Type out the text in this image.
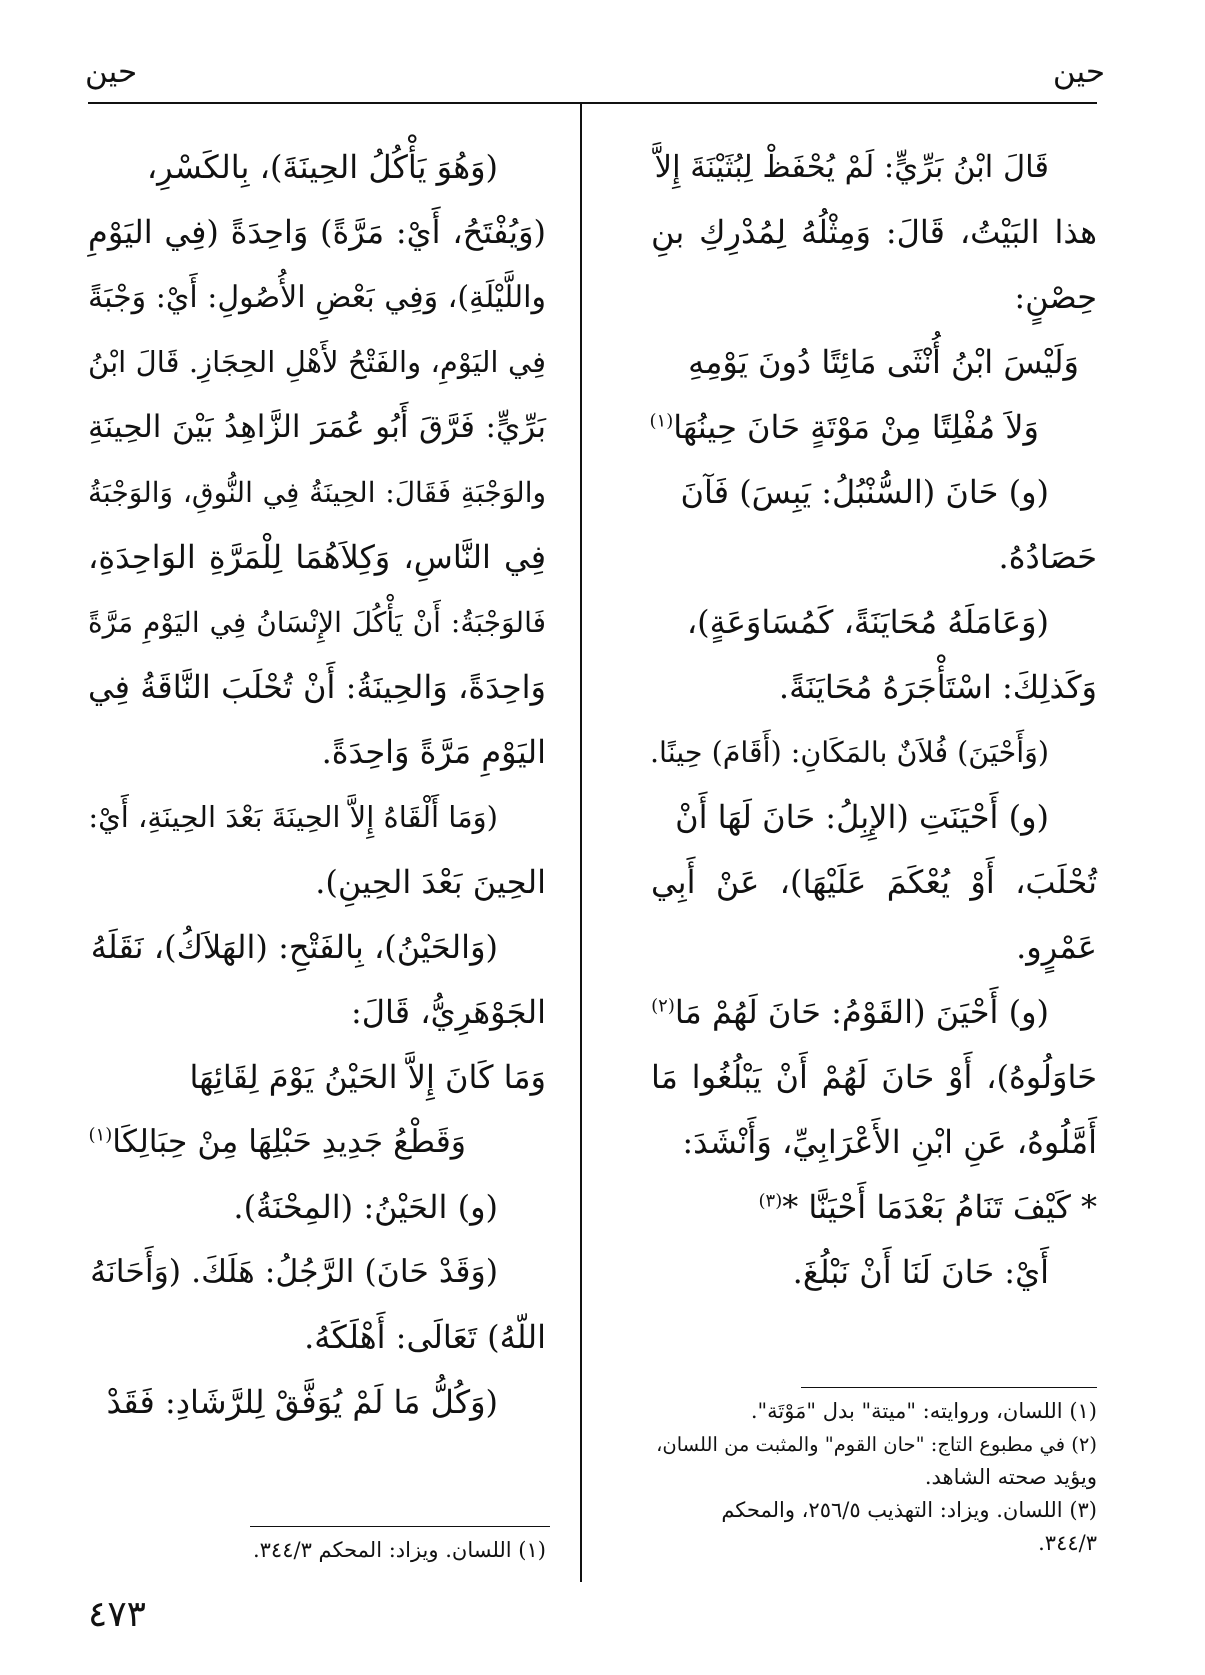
حين
حين
قَالَ ابْنُ بَرِّيٍّ: لَمْ يُحْفَظْ لِبُثَيْنَةَ إِلاَّ
هذا البَيْتُ، قَالَ: وَمِثْلُهُ لِمُدْرِكِ بنِ
حِصْنٍ:
وَلَيْسَ ابْنُ أُنْثَى مَائِتًا دُونَ يَوْمِهِ
وَلاَ مُفْلِتًا مِنْ مَوْتَةٍ حَانَ حِينُهَا$^{(١)}$
(و) حَانَ (السُّنْبُلُ: يَبِسَ) فَآنَ
حَصَادُهُ.
(وَعَامَلَهُ مُحَايَنَةً، كَمُسَاوَعَةٍ)،
وَكَذلِكَ: اسْتَأْجَرَهُ مُحَايَنَةً.
(وَأَحْيَنَ) فُلاَنٌ بالمَكَانِ: (أَقَامَ) حِينًا.
(و) أَحْيَنَتِ (الإِبِلُ: حَانَ لَهَا أَنْ
تُحْلَبَ، أَوْ يُعْكَمَ عَلَيْهَا)، عَنْ أَبِي
عَمْرٍو.
(و) أَحْيَنَ (القَوْمُ: حَانَ لَهُمْ مَا$^{(٢)}$
حَاوَلُوهُ)، أَوْ حَانَ لَهُمْ أَنْ يَبْلُغُوا مَا
أَمَّلُوهُ، عَنِ ابْنِ الأَعْرَابِيِّ، وَأَنْشَدَ:
* كَيْفَ تَنَامُ بَعْدَمَا أَحْيَنَّا *$^{(٣)}$
أَيْ: حَانَ لَنَا أَنْ نَبْلُغَ.
(وَهُوَ يَأْكُلُ الحِينَةَ)، بِالكَسْرِ،
(وَيُفْتَحُ، أَيْ: مَرَّةً) وَاحِدَةً (فِي اليَوْمِ
واللَّيْلَةِ)، وَفِي بَعْضِ الأُصُولِ: أَيْ: وَجْبَةً
فِي اليَوْمِ، والفَتْحُ لأَهْلِ الحِجَازِ. قَالَ ابْنُ
بَرِّيٍّ: فَرَّقَ أَبُو عُمَرَ الزَّاهِدُ بَيْنَ الحِينَةِ
والوَجْبَةِ فَقَالَ: الحِينَةُ فِي النُّوقِ، وَالوَجْبَةُ
فِي النَّاسِ، وَكِلاَهُمَا لِلْمَرَّةِ الوَاحِدَةِ،
فَالوَجْبَةُ: أَنْ يَأْكُلَ الإِنْسَانُ فِي اليَوْمِ مَرَّةً
وَاحِدَةً، وَالحِينَةُ: أَنْ تُحْلَبَ النَّاقَةُ فِي
اليَوْمِ مَرَّةً وَاحِدَةً.
(وَمَا أَلْقَاهُ إِلاَّ الحِينَةَ بَعْدَ الحِينَةِ، أَيْ:
الحِينَ بَعْدَ الحِينِ).
(وَالحَيْنُ)، بِالفَتْحِ: (الهَلاَكُ)، نَقَلَهُ
الجَوْهَرِيُّ، قَالَ:
وَمَا كَانَ إِلاَّ الحَيْنُ يَوْمَ لِقَائِهَا
وَقَطْعُ جَدِيدِ حَبْلِهَا مِنْ حِبَالِكَا$^{(١)}$
(و) الحَيْنُ: (المِحْنَةُ).
(وَقَدْ حَانَ) الرَّجُلُ: هَلَكَ. (وَأَحَانَهُ
اللّهُ) تَعَالَى: أَهْلَكَهُ.
(وَكُلُّ مَا لَمْ يُوَفَّقْ لِلرَّشَادِ: فَقَدْ	(١) اللسان، وروايته: "ميتة" بدل "مَوْتَة".
(٢) في مطبوع التاج: "حان القوم" والمثبت من اللسان،
ويؤيد صحته الشاهد.
(٣) اللسان. ويزاد: التهذيب ٢٥٦/٥، والمحكم
٣٤٤/٣.
(١) اللسان. ويزاد: المحكم ٣٤٤/٣.
٤٧٣
